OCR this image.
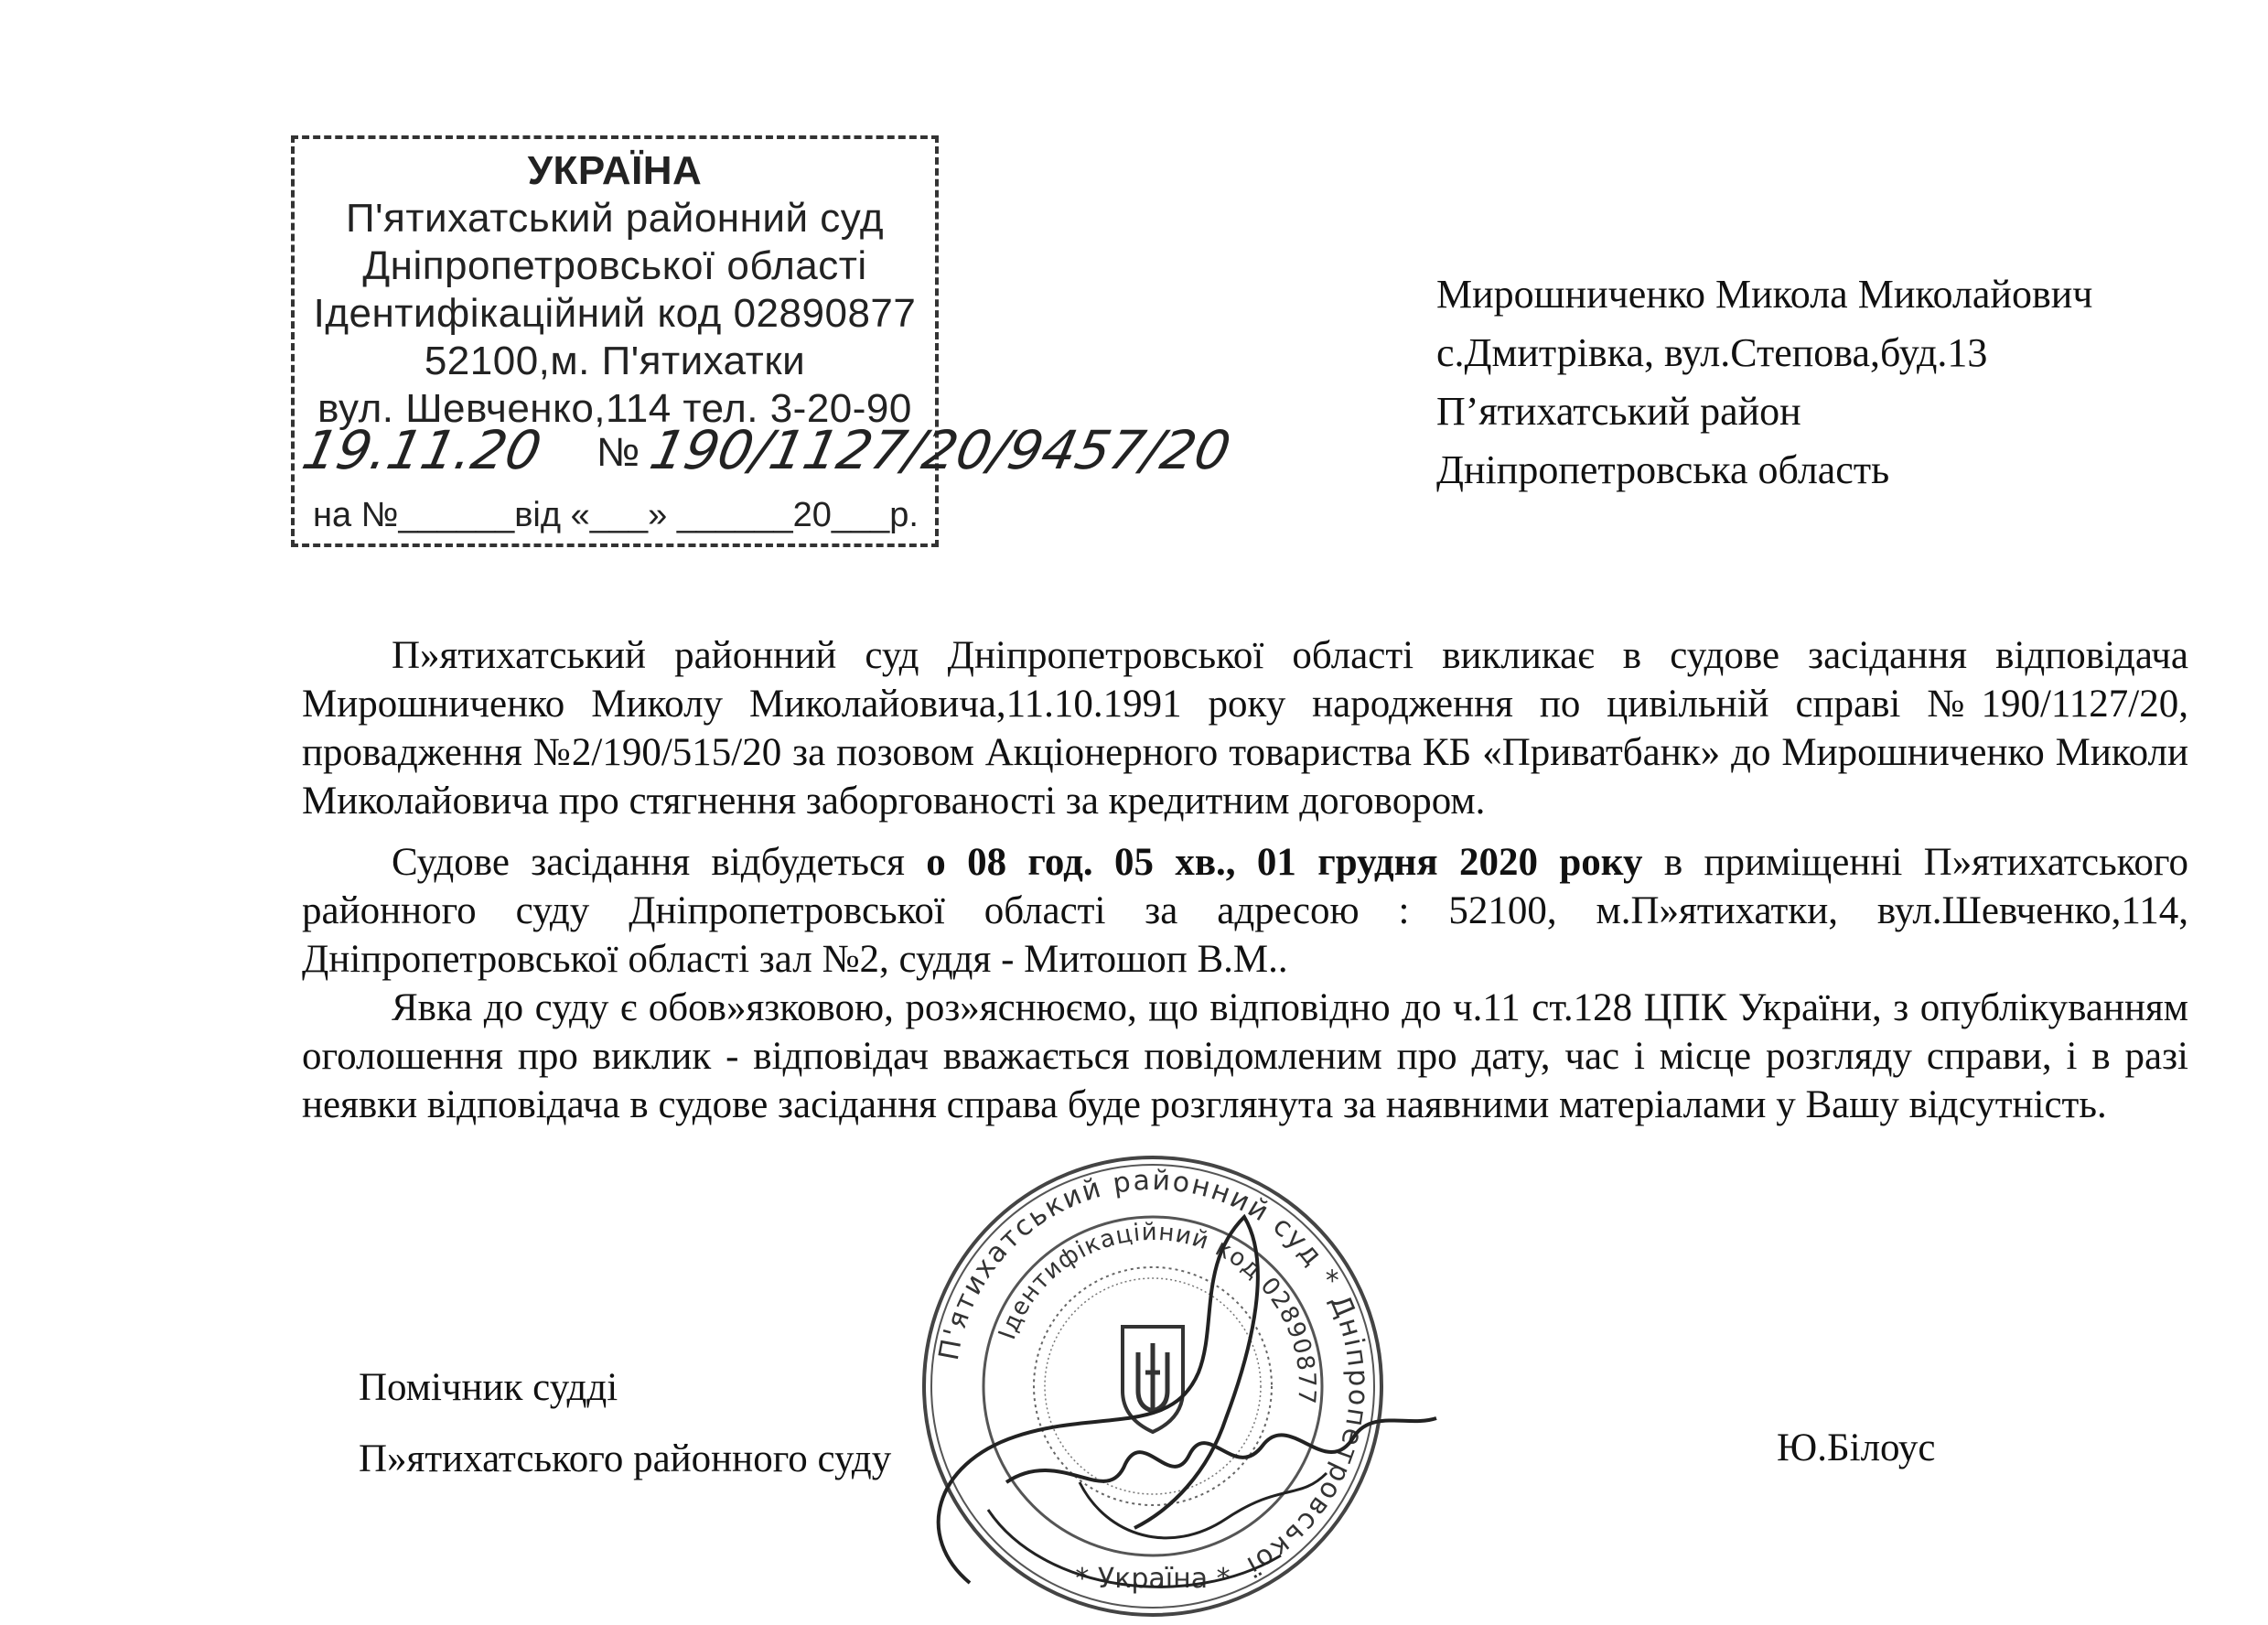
УКРАЇНА
П'ятихатський районний суд
Дніпропетровської області
Ідентифікаційний код 02890877
52100,м. П'ятихатки
вул. Шевченко,114 тел. 3-20-90
19.11.20 № 190/1127/20/9457/20
на №______від «___» ______20___р.
Мирошниченко Микола Миколайович
с.Дмитрівка, вул.Степова,буд.13
П’ятихатський район
Дніпропетровська область

П»ятихатський районний суд Дніпропетровської області викликає в судове засідання відповідача Мирошниченко Миколу Миколайовича,11.10.1991 року народження по цивільній справі №190/1127/20, провадження №2/190/515/20 за позовом Акціонерного товариства КБ «Приватбанк» до Мирошниченко Миколи Миколайовича про стягнення заборгованості за кредитним договором.

Судове засідання відбудеться о 08 год. 05 хв., 01 грудня 2020 року в приміщенні П»ятихатського районного суду Дніпропетровської області за адресою : 52100, м.П»ятихатки, вул.Шевченко,114, Дніпропетровської області зал №2, суддя - Митошоп В.М..

Явка до суду є обов»язковою, роз»яснюємо, що відповідно до ч.11 ст.128 ЦПК України, з опублікуванням оголошення про виклик - відповідач вважається повідомленим про дату, час і місце розгляду справи, і в разі неявки відповідача в судове засідання справа буде розглянута за наявними матеріалами у Вашу відсутність.

П'ятихатський районний суд * Дніпропетровської
Ідентифікаційний код 02890877
* Україна *
Помічник судді
П»ятихатського районного суду	Ю.Білоус
